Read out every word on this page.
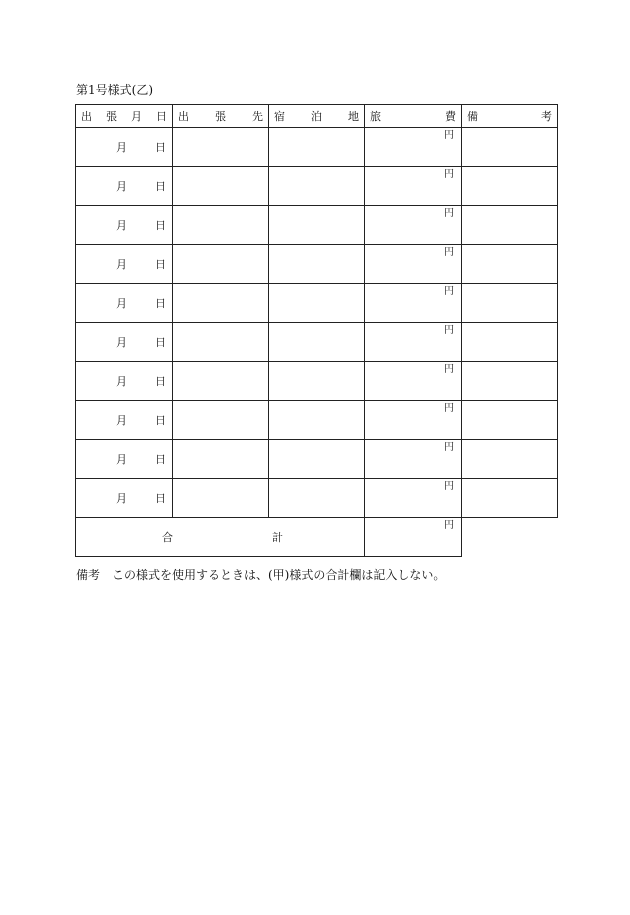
第1号様式(乙)
出 張 月 日	出 張 先	宿 泊 地	旅 費	備 考

月 日			円	

月 日			円	

月 日			円	

月 日			円	

月 日			円	

月 日			円	

月 日			円	

月 日			円	

月 日			円	

月 日			円	

合 計			円	

備考　この様式を使用するときは、(甲)様式の合計欄は記入しない。
